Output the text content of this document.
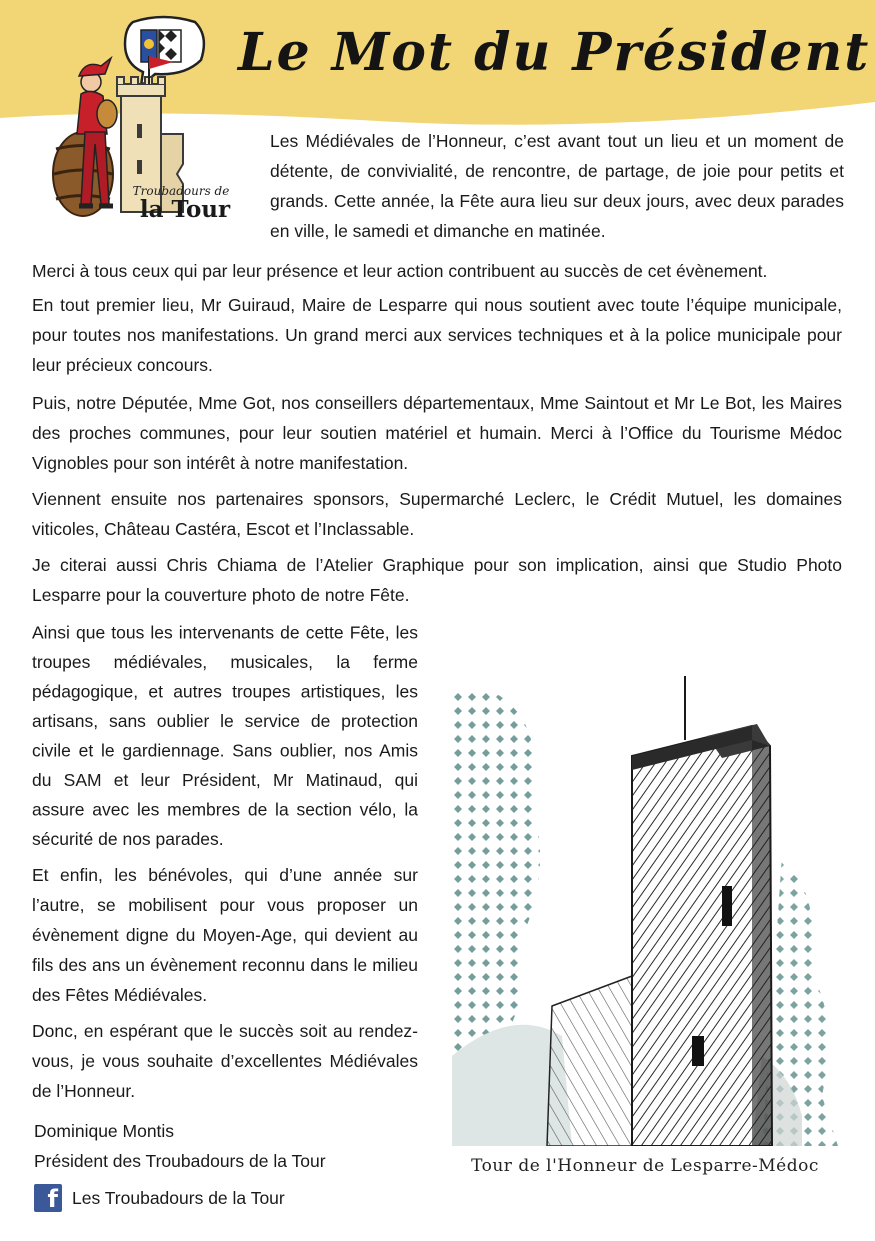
Le Mot du Président
Troubadours de
la Tour

Les Médiévales de l’Honneur, c’est avant tout un lieu et un moment de détente, de convivialité, de rencontre, de partage, de joie pour petits et grands. Cette année, la Fête aura lieu sur deux jours, avec deux parades en ville, le samedi et dimanche en matinée.

Merci à tous ceux qui par leur présence et leur action contribuent au succès de cet évènement.

En tout premier lieu, Mr Guiraud, Maire de Lesparre qui nous soutient avec toute l’équipe municipale, pour toutes nos manifestations. Un grand merci aux services techniques et à la police municipale pour leur précieux concours.

Puis, notre Députée, Mme Got, nos conseillers départementaux, Mme Saintout et Mr Le Bot, les Maires des proches communes, pour leur soutien matériel et humain. Merci à l’Office du Tourisme Médoc Vignobles pour son intérêt à notre manifestation.

Viennent ensuite nos partenaires sponsors, Supermarché Leclerc, le Crédit Mutuel, les domaines viticoles, Château Castéra, Escot et l’Inclassable.

Je citerai aussi Chris Chiama de l’Atelier Graphique pour son implication, ainsi que Studio Photo Lesparre pour la couverture photo de notre Fête.

Ainsi que tous les intervenants de cette Fête, les troupes médiévales, musicales, la ferme pédagogique, et autres troupes artistiques, les artisans, sans oublier le service de protection civile et le gardiennage. Sans oublier, nos Amis du SAM et leur Président, Mr Matinaud, qui assure avec les membres de la section vélo, la sécurité de nos parades.

Et enfin, les bénévoles, qui d’une année sur l’autre, se mobilisent pour vous proposer un évènement digne du Moyen-Age, qui devient au fils des ans un évènement reconnu dans le milieu des Fêtes Médiévales.

Donc, en espérant que le succès soit au rendez-vous, je vous souhaite d’excellentes Médiévales de l’Honneur.

Dominique Montis
Président des Troubadours de la Tour
f Les Troubadours de la Tour
Tour de l'Honneur de Lesparre-Médoc
